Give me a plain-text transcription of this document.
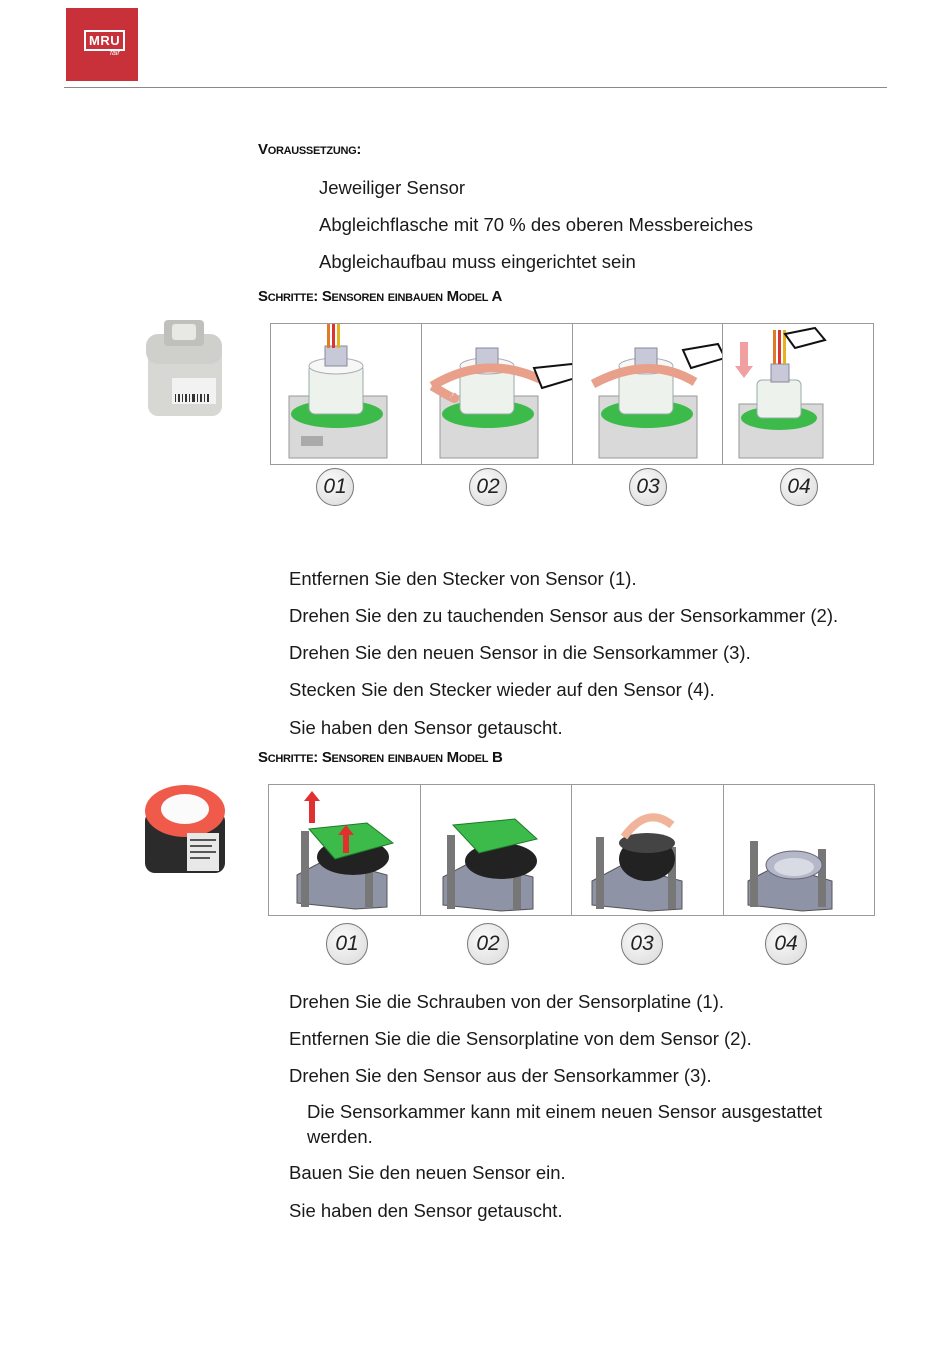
MRU
fair
Voraussetzung:
Jeweiliger Sensor
Abgleichflasche mit 70 % des oberen Messbereiches
Abgleichaufbau muss eingerichtet sein
Schritte: Sensoren einbauen Model A
01	02	03	04
Entfernen Sie den Stecker von Sensor (1).
Drehen Sie den zu tauchenden Sensor aus der Sensorkammer (2).
Drehen Sie den neuen Sensor in die Sensorkammer (3).
Stecken Sie den Stecker wieder auf den Sensor (4).
Sie haben den Sensor getauscht.
Schritte: Sensoren einbauen Model B
01	02	03	04
Drehen Sie die Schrauben von der Sensorplatine (1).
Entfernen Sie die die Sensorplatine von dem Sensor (2).
Drehen Sie den Sensor aus der Sensorkammer (3).
Die Sensorkammer kann mit einem neuen Sensor ausgestattet werden.
Bauen Sie den neuen Sensor ein.
Sie haben den Sensor getauscht.
